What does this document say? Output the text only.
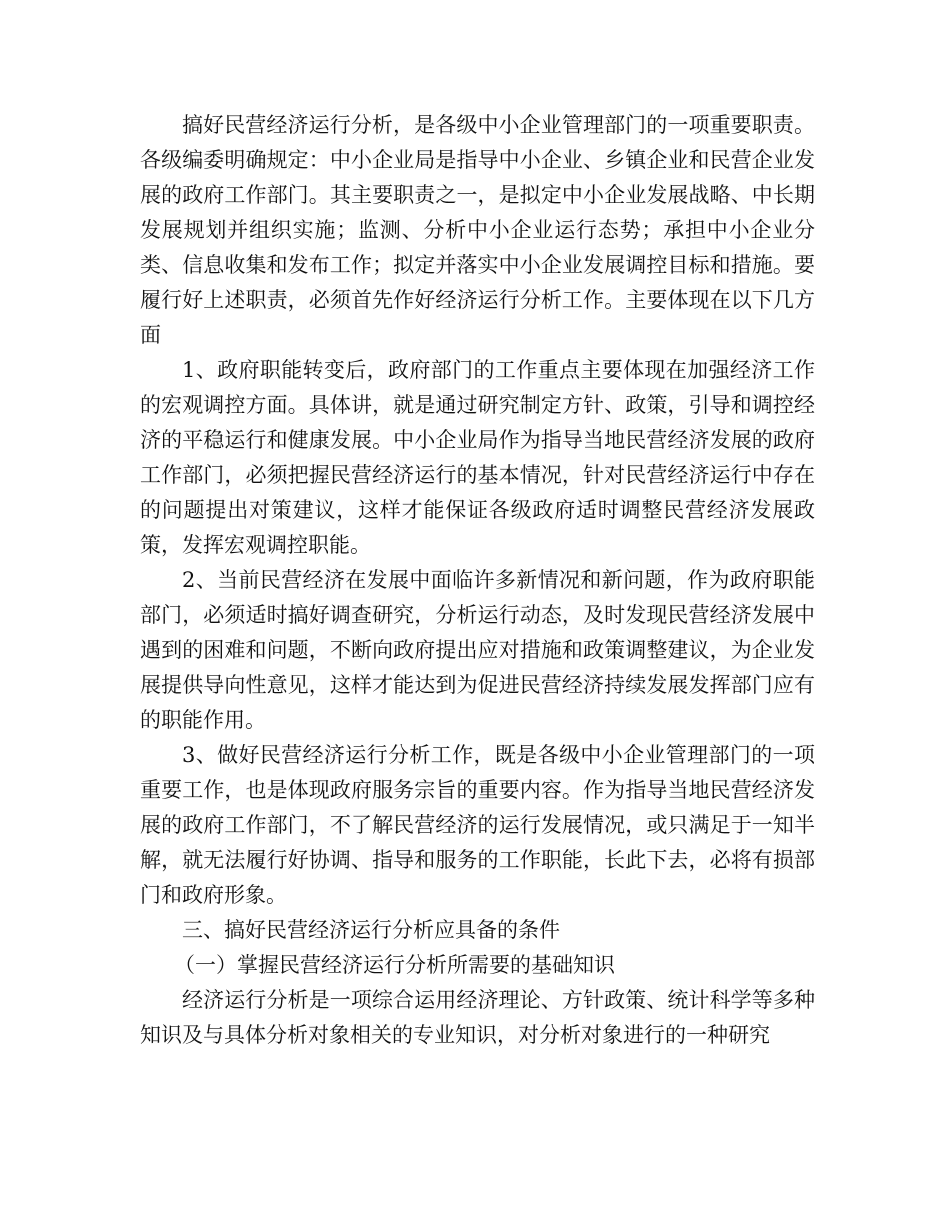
搞好民营经济运行分析，是各级中小企业管理部门的一项重要职责。各级编委明确规定：中小企业局是指导中小企业、乡镇企业和民营企业发展的政府工作部门。其主要职责之一，是拟定中小企业发展战略、中长期发展规划并组织实施；监测、分析中小企业运行态势；承担中小企业分类、信息收集和发布工作；拟定并落实中小企业发展调控目标和措施。要履行好上述职责，必须首先作好经济运行分析工作。主要体现在以下几方面

1、政府职能转变后，政府部门的工作重点主要体现在加强经济工作的宏观调控方面。具体讲，就是通过研究制定方针、政策，引导和调控经济的平稳运行和健康发展。中小企业局作为指导当地民营经济发展的政府工作部门，必须把握民营经济运行的基本情况，针对民营经济运行中存在的问题提出对策建议，这样才能保证各级政府适时调整民营经济发展政策，发挥宏观调控职能。

2、当前民营经济在发展中面临许多新情况和新问题，作为政府职能部门，必须适时搞好调查研究，分析运行动态，及时发现民营经济发展中遇到的困难和问题，不断向政府提出应对措施和政策调整建议，为企业发展提供导向性意见，这样才能达到为促进民营经济持续发展发挥部门应有的职能作用。

3、做好民营经济运行分析工作，既是各级中小企业管理部门的一项重要工作，也是体现政府服务宗旨的重要内容。作为指导当地民营经济发展的政府工作部门，不了解民营经济的运行发展情况，或只满足于一知半解，就无法履行好协调、指导和服务的工作职能，长此下去，必将有损部门和政府形象。

三、搞好民营经济运行分析应具备的条件

（一）掌握民营经济运行分析所需要的基础知识

经济运行分析是一项综合运用经济理论、方针政策、统计科学等多种知识及与具体分析对象相关的专业知识，对分析对象进行的一种研究
